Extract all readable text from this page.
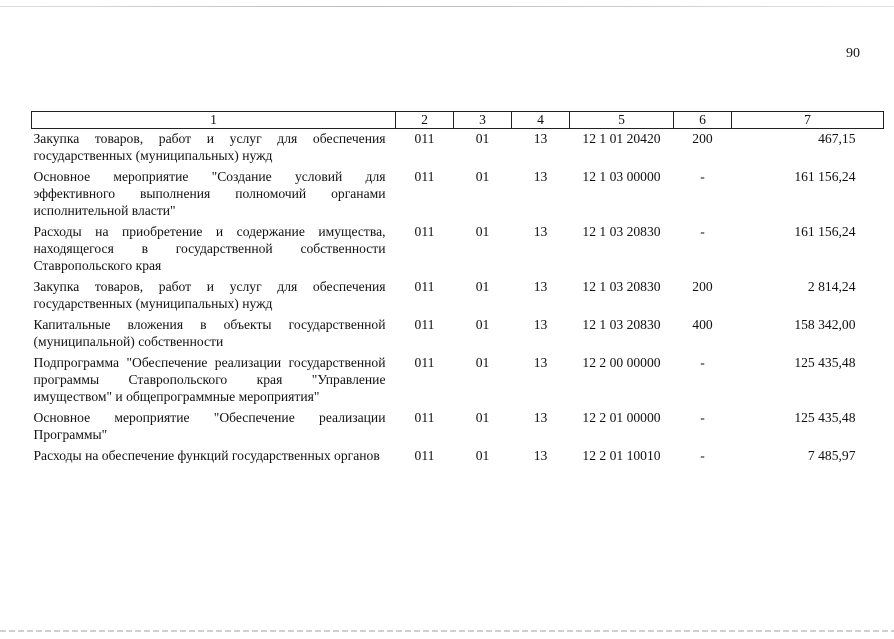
90
1	2	3	4	5	6	7
Закупка товаров, работ и услуг для обеспечения государственных (муниципальных) нужд	011	01	13	12 1 01 20420	200	467,15
Основное мероприятие "Создание условий для эффективного выполнения полномочий органами исполнительной власти"	011	01	13	12 1 03 00000	-	161 156,24
Расходы на приобретение и содержание имущества, находящегося в государственной собственности Ставропольского края	011	01	13	12 1 03 20830	-	161 156,24
Закупка товаров, работ и услуг для обеспечения государственных (муниципальных) нужд	011	01	13	12 1 03 20830	200	2 814,24
Капитальные вложения в объекты государственной (муниципальной) собственности	011	01	13	12 1 03 20830	400	158 342,00
Подпрограмма "Обеспечение реализации государственной программы Ставропольского края "Управление имуществом" и общепрограммные мероприятия"	011	01	13	12 2 00 00000	-	125 435,48
Основное мероприятие "Обеспечение реализации Программы"	011	01	13	12 2 01 00000	-	125 435,48
Расходы на обеспечение функций государственных органов	011	01	13	12 2 01 10010	-	7 485,97
